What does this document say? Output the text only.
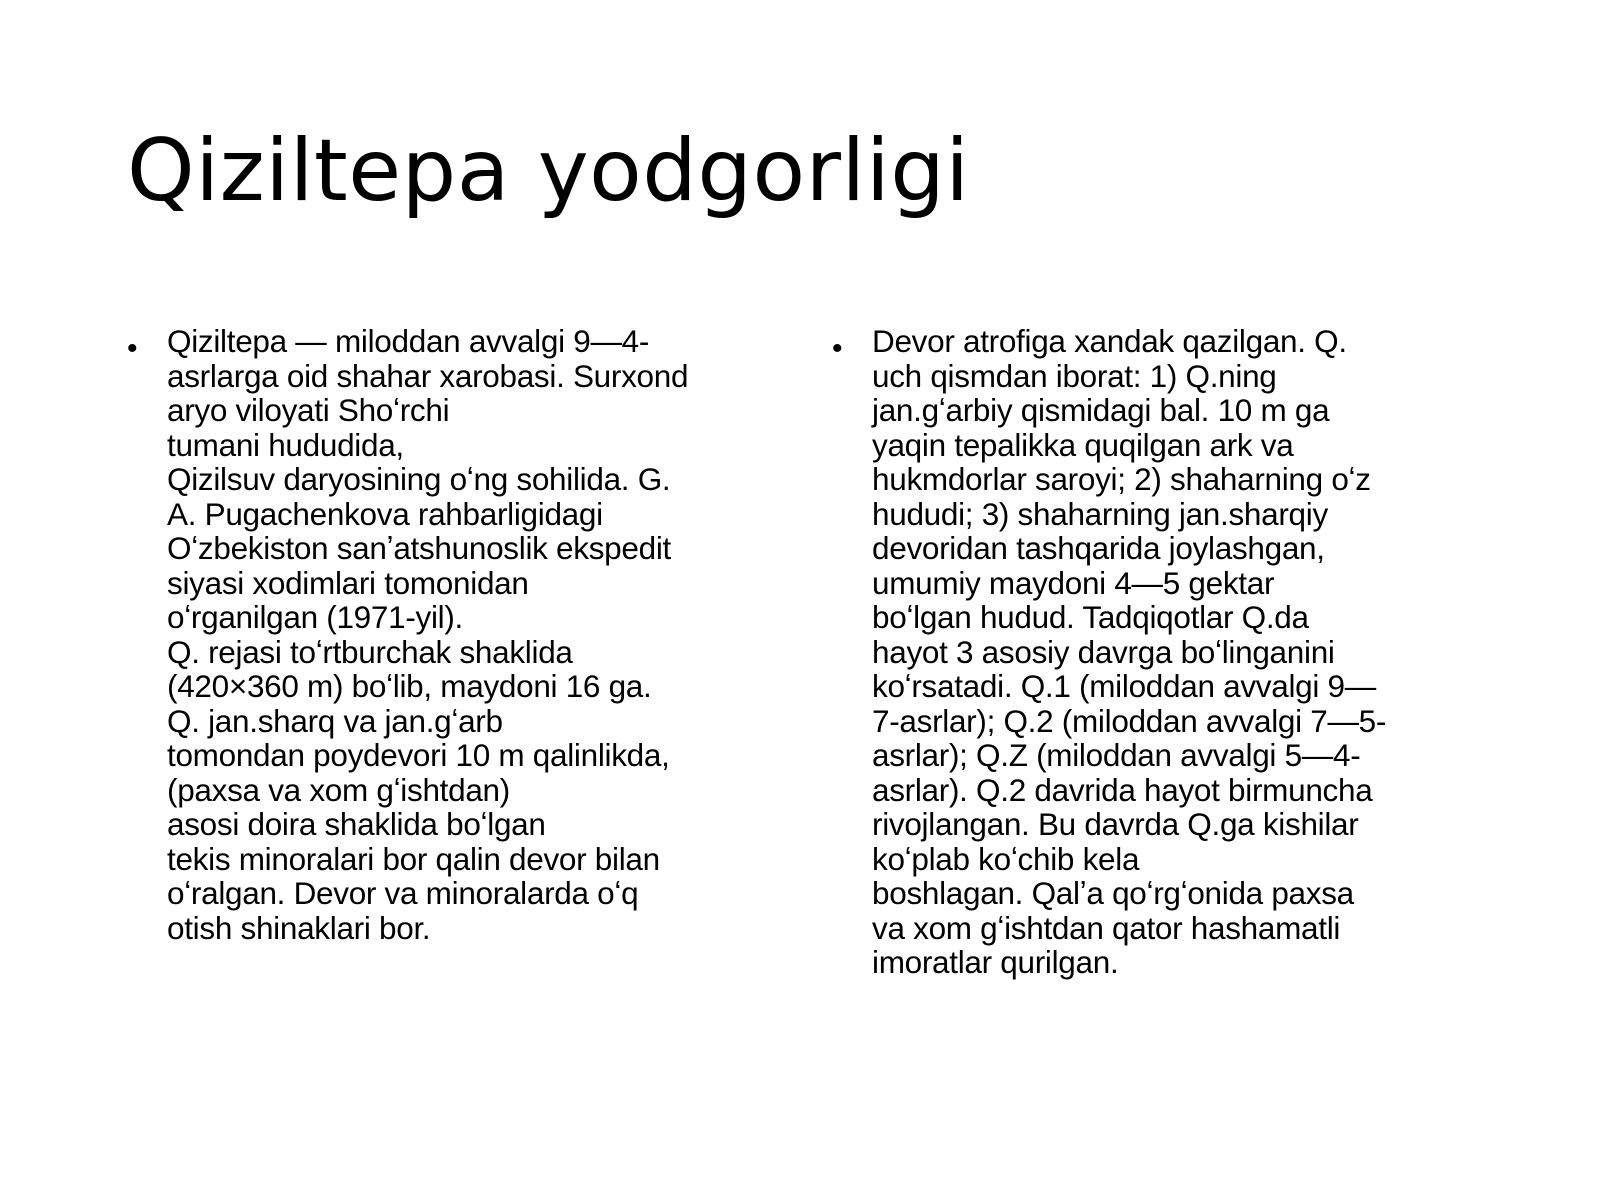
Qiziltepa yodgorligi
• Qiziltepa — miloddan avvalgi 9—4-
asrlarga oid shahar xarobasi. Surxond
aryo viloyati Shoʻrchi
tumani hududida,
Qizilsuv daryosining oʻng sohilida. G.
A. Pugachenkova rahbarligidagi
Oʻzbekiston sanʼatshunoslik ekspedit
siyasi xodimlari tomonidan
oʻrganilgan (1971-yil).
Q. rejasi toʻrtburchak shaklida
(420×360 m) boʻlib, maydoni 16 ga.
Q. jan.sharq va jan.gʻarb
tomondan poydevori 10 m qalinlikda,
(paxsa va xom gʻishtdan)
asosi doira shaklida boʻlgan
tekis minoralari bor qalin devor bilan
oʻralgan. Devor va minoralarda oʻq
otish shinaklari bor.
• Devor atrofiga xandak qazilgan. Q.
uch qismdan iborat: 1) Q.ning
jan.gʻarbiy qismidagi bal. 10 m ga
yaqin tepalikka quqilgan ark va
hukmdorlar saroyi; 2) shaharning oʻz
hududi; 3) shaharning jan.sharqiy
devoridan tashqarida joylashgan,
umumiy maydoni 4—5 gektar
boʻlgan hudud. Tadqiqotlar Q.da
hayot 3 asosiy davrga boʻlinganini
koʻrsatadi. Q.1 (miloddan avvalgi 9—
7-asrlar); Q.2 (miloddan avvalgi 7—5-
asrlar); Q.Z (miloddan avvalgi 5—4-
asrlar). Q.2 davrida hayot birmuncha
rivojlangan. Bu davrda Q.ga kishilar
koʻplab koʻchib kela
boshlagan. Qalʼa qoʻrgʻonida paxsa
va xom gʻishtdan qator hashamatli
imoratlar qurilgan.
